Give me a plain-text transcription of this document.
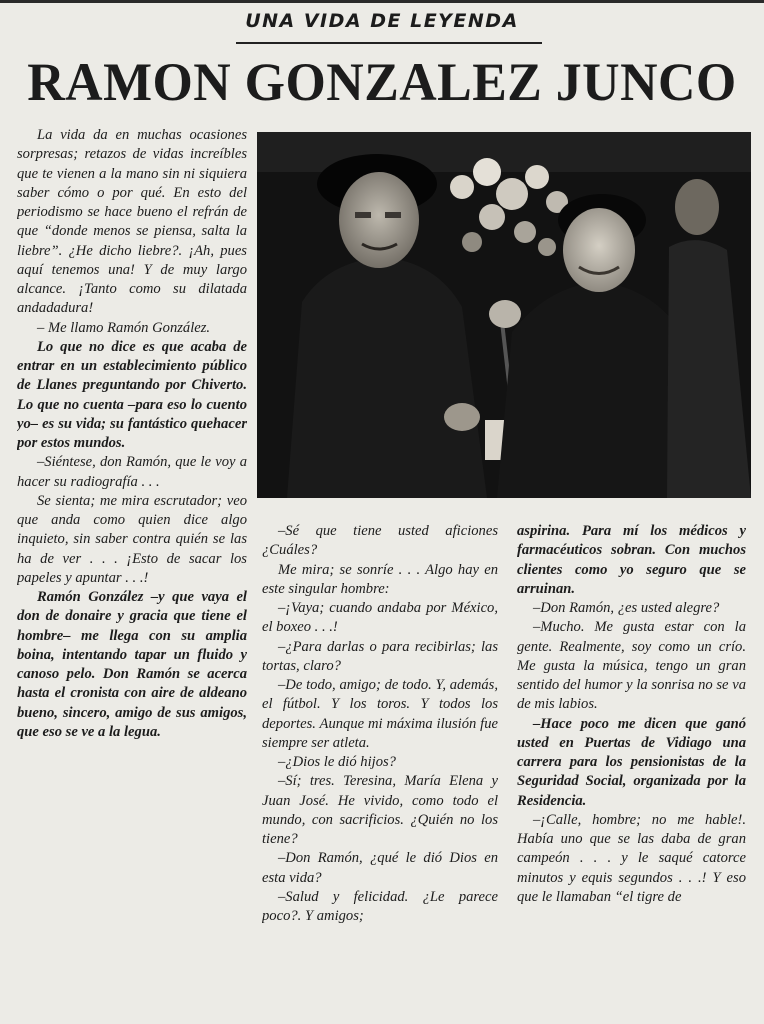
UNA VIDA DE LEYENDA
RAMON GONZALEZ JUNCO

La vida da en muchas ocasiones sorpresas; retazos de vidas increíbles que te vienen a la mano sin ni siquiera saber cómo o por qué. En esto del periodismo se hace bueno el refrán de que “donde menos se piensa, salta la liebre”. ¿He dicho liebre?. ¡Ah, pues aquí tenemos una! Y de muy largo alcance. ¡Tanto como su dilatada andadadura!

– Me llamo Ramón González.

Lo que no dice es que acaba de entrar en un establecimiento público de Llanes preguntando por Chiverto. Lo que no cuenta –para eso lo cuento yo– es su vida; su fantástico quehacer por estos mundos.

–Siéntese, don Ramón, que le voy a hacer su radiografía . . .

Se sienta; me mira escrutador; veo que anda como quien dice algo inquieto, sin saber contra quién se las ha de ver . . . ¡Esto de sacar los papeles y apuntar . . .!

Ramón González –y que vaya el don de donaire y gracia que tiene el hombre– me llega con su amplia boina, intentando tapar un fluido y canoso pelo. Don Ramón se acerca hasta el cronista con aire de aldeano bueno, sincero, amigo de sus amigos, que eso se ve a la legua.

–Sé que tiene usted aficiones ¿Cuáles?

Me mira; se sonríe . . . Algo hay en este singular hombre:

–¡Vaya; cuando andaba por México, el boxeo . . .!

–¿Para darlas o para recibirlas; las tortas, claro?

–De todo, amigo; de todo. Y, además, el fútbol. Y los toros. Y todos los deportes. Aunque mi máxima ilusión fue siempre ser atleta.

–¿Dios le dió hijos?

–Sí; tres. Teresina, María Elena y Juan José. He vivido, como todo el mundo, con sacrificios. ¿Quién no los tiene?

–Don Ramón, ¿qué le dió Dios en esta vida?

–Salud y felicidad. ¿Le parece poco?. Y amigos;

aspirina. Para mí los médicos y farmacéuticos sobran. Con muchos clientes como yo seguro que se arruinan.

–Don Ramón, ¿es usted alegre?

–Mucho. Me gusta estar con la gente. Realmente, soy como un crío. Me gusta la música, tengo un gran sentido del humor y la sonrisa no se va de mis labios.

–Hace poco me dicen que ganó usted en Puertas de Vidiago una carrera para los pensionistas de la Seguridad Social, organizada por la Residencia.

–¡Calle, hombre; no me hable!. Había uno que se las daba de gran campeón . . . y le saqué catorce minutos y equis segundos . . .! Y eso que le llamaban “el tigre de
